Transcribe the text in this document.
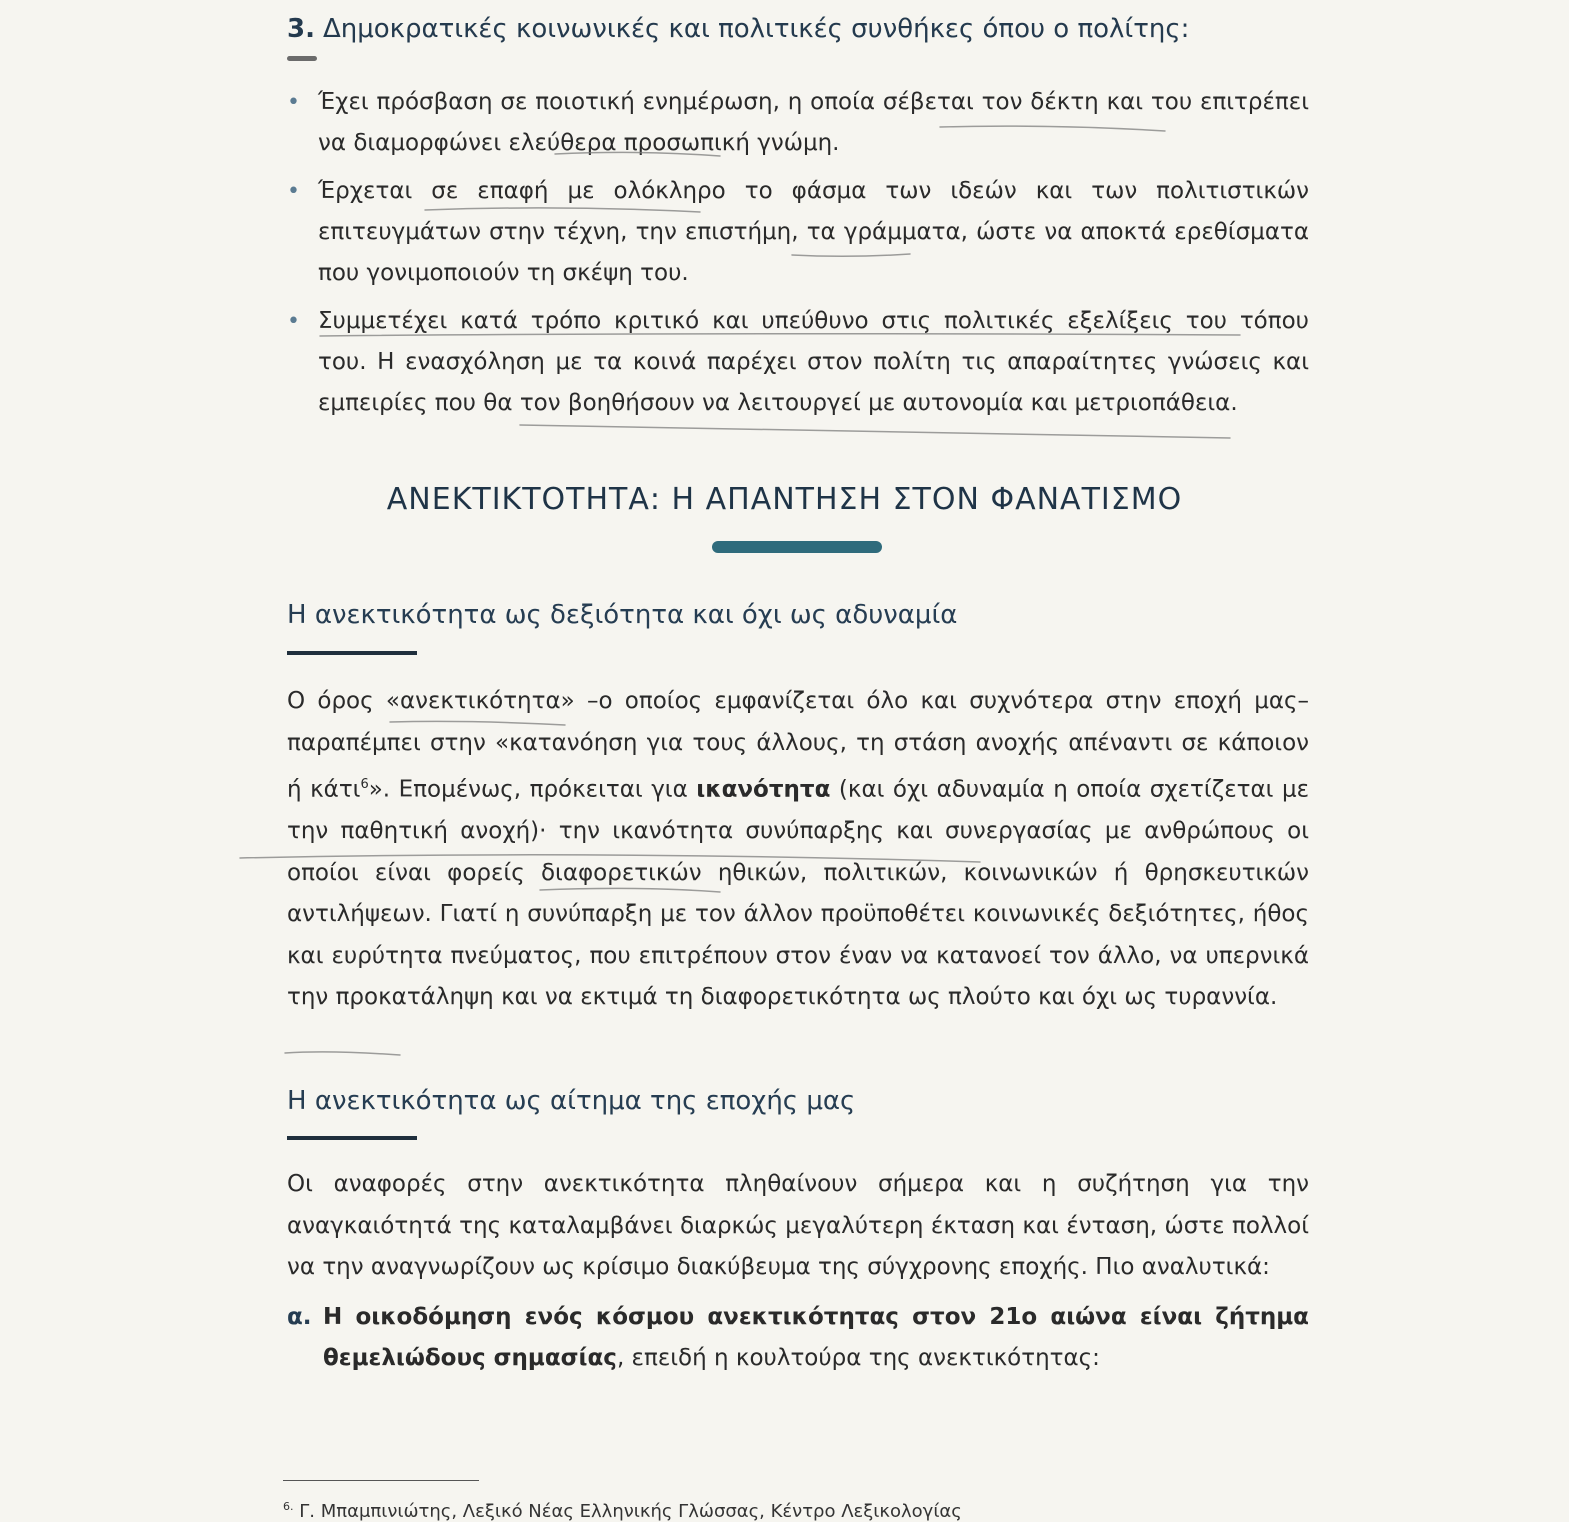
3. Δημοκρατικές κοινωνικές και πολιτικές συνθήκες όπου ο πολίτης:
• Έχει πρόσβαση σε ποιοτική ενημέρωση, η οποία σέβεται τον δέκτη και του επιτρέπει να διαμορφώνει ελεύθερα προσωπική γνώμη.
• Έρχεται σε επαφή με ολόκληρο το φάσμα των ιδεών και των πολιτιστικών επιτευγμάτων στην τέχνη, την επιστήμη, τα γράμματα, ώστε να αποκτά ερεθίσματα που γονιμοποιούν τη σκέψη του.
• Συμμετέχει κατά τρόπο κριτικό και υπεύθυνο στις πολιτικές εξελίξεις του τόπου του. Η ενασχόληση με τα κοινά παρέχει στον πολίτη τις απαραίτητες γνώσεις και εμπειρίες που θα τον βοηθήσουν να λειτουργεί με αυτονομία και μετριοπάθεια.
ΑΝΕΚΤΙΚΤΟΤΗΤΑ: Η ΑΠΑΝΤΗΣΗ ΣΤΟΝ ΦΑΝΑΤΙΣΜΟ
Η ανεκτικότητα ως δεξιότητα και όχι ως αδυναμία

Ο όρος «ανεκτικότητα» –ο οποίος εμφανίζεται όλο και συχνότερα στην εποχή μας– παραπέμπει στην «κατανόηση για τους άλλους, τη στάση ανοχής απέναντι σε κάποιον ή κάτι$^6$». Επομένως, πρόκειται για ικανότητα (και όχι αδυναμία η οποία σχετίζεται με την παθητική ανοχή)· την ικανότητα συνύπαρξης και συνεργασίας με ανθρώπους οι οποίοι είναι φορείς διαφορετικών ηθικών, πολιτικών, κοινωνικών ή θρησκευτικών αντιλήψεων. Γιατί η συνύπαρξη με τον άλλον προϋποθέτει κοινωνικές δεξιότητες, ήθος και ευρύτητα πνεύματος, που επιτρέπουν στον έναν να κατανοεί τον άλλο, να υπερνικά την προκατάληψη και να εκτιμά τη διαφορετικότητα ως πλούτο και όχι ως τυραννία.

Η ανεκτικότητα ως αίτημα της εποχής μας

Οι αναφορές στην ανεκτικότητα πληθαίνουν σήμερα και η συζήτηση για την αναγκαιότητά της καταλαμβάνει διαρκώς μεγαλύτερη έκταση και ένταση, ώστε πολλοί να την αναγνωρίζουν ως κρίσιμο διακύβευμα της σύγχρονης εποχής. Πιο αναλυτικά:

α. Η οικοδόμηση ενός κόσμου ανεκτικότητας στον 21ο αιώνα είναι ζήτημα θεμελιώδους σημασίας, επειδή η κουλτούρα της ανεκτικότητας:
$^{6.}$ Γ. Μπαμπινιώτης, Λεξικό Νέας Ελληνικής Γλώσσας, Κέντρο Λεξικολογίας
